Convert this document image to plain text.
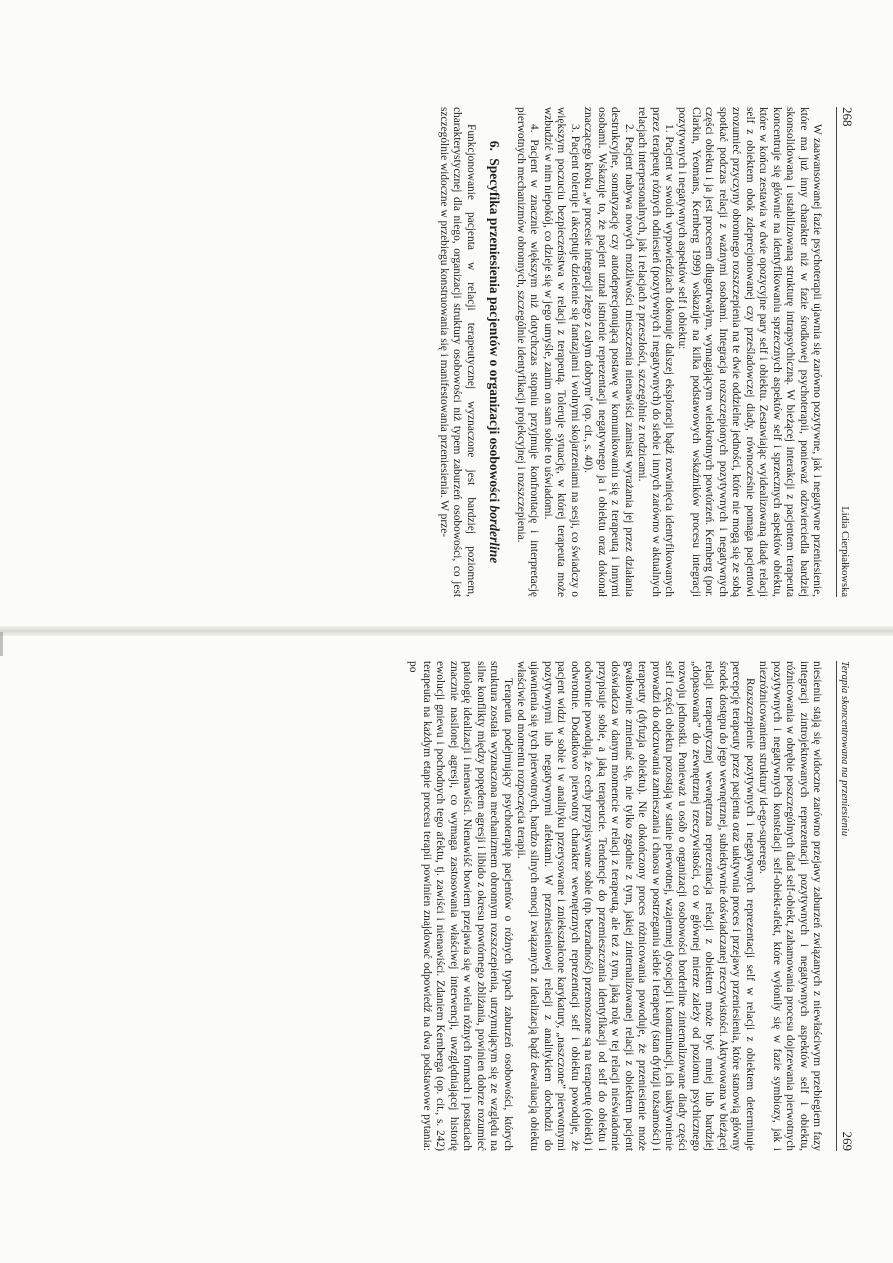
268
Lidia Cierpiałkowska

W zaawansowanej fazie psychoterapii ujawnia się zarówno pozytywne, jak i negatywne przeniesienie, które ma już inny charakter niż w fazie środkowej psychoterapii, ponieważ odzwierciedla bardziej skonsolidowaną i ustabilizowaną strukturę intrapsychiczną. W bieżącej interakcji z pacjentem terapeuta koncentruje się głównie na identyfikowaniu sprzecznych aspektów self i sprzecznych aspektów obiektu, które w końcu zestawia w dwie opozycyjne pary self i obiektu. Zestawiając wyidealizowaną diadę relacji self z obiektem obok zdeprecjonowanej czy prześladowczej diady, równocześnie pomaga pacjentowi zrozumieć przyczyny obronnego rozszczepienia na te dwie oddzielne jedności, które nie mogą się ze sobą spotkać podczas relacji z ważnymi osobami. Integracja rozszczepionych pozytywnych i negatywnych części obiektu i ja jest procesem długotrwałym, wymagającym wielokrotnych powtórzeń. Kernberg (por. Clarkin, Yeomans, Kernberg 1999) wskazuje na kilka podstawowych wskaźników procesu integracji pozytywnych i negatywnych aspektów self i obiektu:

1. Pacjent w swoich wypowiedziach dokonuje dalszej eksploracji bądź rozwinięcia identyfikowanych przez terapeutę różnych odniesień (pozytywnych i negatywnych) do siebie i innych zarówno w aktualnych relacjach interpersonalnych, jak i relacjach z przeszłości, szczególnie z rodzicami.

2. Pacjent nabywa nowych możliwości mieszczenia nienawiści zamiast wyrażania jej przez działania destrukcyjne, somatyzację czy autodeprecjonującą postawę w komunikowaniu się z terapeutą i innymi osobami. Wskazuje to, że pacjent uznał istnienie reprezentacji negatywnego ja i obiektu oraz dokonał znaczącego kroku „w procesie integracji złego z całym dobrym” (op. cit., s. 40).

3. Pacjent toleruje i akceptuje dzielenie się fantazjami i wolnymi skojarzeniami na sesji, co świadczy o większym poczuciu bezpieczeństwa w relacji z terapeutą. Toleruje sytuację, w której terapeuta może wzbudzić w nim niepokój, co dzieje się w jego umyśle, zanim on sam sobie to uświadomi.

4. Pacjent w znacznie większym niż dotychczas stopniu przyjmuje konfrontację i interpretację pierwotnych mechanizmów obronnych, szczególnie identyfikacji projekcyjnej i rozszczepienia.

6. Specyfika przeniesienia pacjentów o organizacji osobowości borderline

Funkcjonowanie pacjenta w relacji terapeutycznej wyznaczone jest bardziej poziomem, charakterystycznej dla niego, organizacji struktury osobowości niż typem zaburzeń osobowości, co jest szczególnie widoczne w przebiegu konstruowania się i manifestowania przeniesienia. W prze-

Terapia skoncentrowana na przeniesieniu
269

niesieniu stają się widoczne zarówno przejawy zaburzeń związanych z niewłaściwym przebiegiem fazy integracji zintrojektowanych reprezentacji pozytywnych i negatywnych aspektów self i obiektu, różnicowania w obrębie poszczególnych diad self-obiekt, zahamowania procesu dojrzewania pierwotnych pozytywnych i negatywnych konstelacji self-obiekt-afekt, które wyłoniły się w fazie symbiozy, jak i niezróżnicowaniem struktury id-ego-superego.

Rozszczepienie pozytywnych i negatywnych reprezentacji self w relacji z obiektem determinuje percepcję terapeuty przez pacjenta oraz uaktywnia proces i przejawy przeniesienia, które stanowią główny środek dostępu do jego wewnętrznej, subiektywnie doświadczanej rzeczywistości. Aktywowana w bieżącej relacji terapeutycznej wewnętrzna reprezentacja relacji z obiektem może być mniej lub bardziej „dopasowana” do zewnętrznej rzeczywistości, co w głównej mierze zależy od poziomu psychicznego rozwoju jednostki. Ponieważ u osób o organizacji osobowości borderline zinternalizowane diady części self i części obiektu pozostają w stanie pierwotnej, wzajemnej dysocjacji i kontaminacji, ich uaktywnienie prowadzi do odczuwania zamieszania i chaosu w postrzeganiu siebie i terapeuty (stan dyfuzji tożsamości) i terapeuty (dyfuzja obiektu). Nie dokończony proces różnicowania powoduje, że przeniesienie może gwałtownie zmieniać się, nie tylko zgodnie z tym, jakiej zinternalizowanej relacji z obiektem pacjent doświadcza w danym momencie w relacji z terapeutą, ale też z tym, jaką rolę w tej relacji nieświadomie przypisuje sobie, a jaką terapeucie. Tendencje do przemieszczania identyfikacji od self do obiektu i odwrotnie powodują, że cechy przypisywane sobie (np. bezradność) przenoszone są na terapeutę (obiekt) i odwrotnie. Dodatkowo pierwotny charakter wewnętrznych reprezentacji self i obiektu powoduje, że pacjent widzi w sobie i w analityku przerysowane i zniekształcone karykatury, „naszczone” pierwotnymi pozytywnymi lub negatywnymi afektami. W przeniesieniowej relacji z analitykiem dochodzi do ujawnienia się tych pierwotnych, bardzo silnych emocji związanych z idealizacją bądź dewaluacją obiektu właściwie od momentu rozpoczęcia terapii.

Terapeuta podejmujący psychoterapię pacjentów o różnych typach zaburzeń osobowości, których struktura została wyznaczona mechanizmem obronnym rozszczepienia, utrzymującym się ze względu na silne konflikty między popędem agresji i libido z okresu powtórnego zbliżania, powinien dobrze rozumieć patologię idealizacji i nienawiści. Nienawiść bowiem przejawia się w wielu różnych formach i postaciach znacznie nasilonej agresji, co wymaga zastosowania właściwej interwencji, uwzględniającej historię ewolucji gniewu i pochodnych tego afektu, tj. zawiści i nienawiści. Zdaniem Kernberga (op. cit., s. 242) terapeuta na każdym etapie procesu terapii powinien znajdować odpowiedź na dwa podstawowe pytania: po
